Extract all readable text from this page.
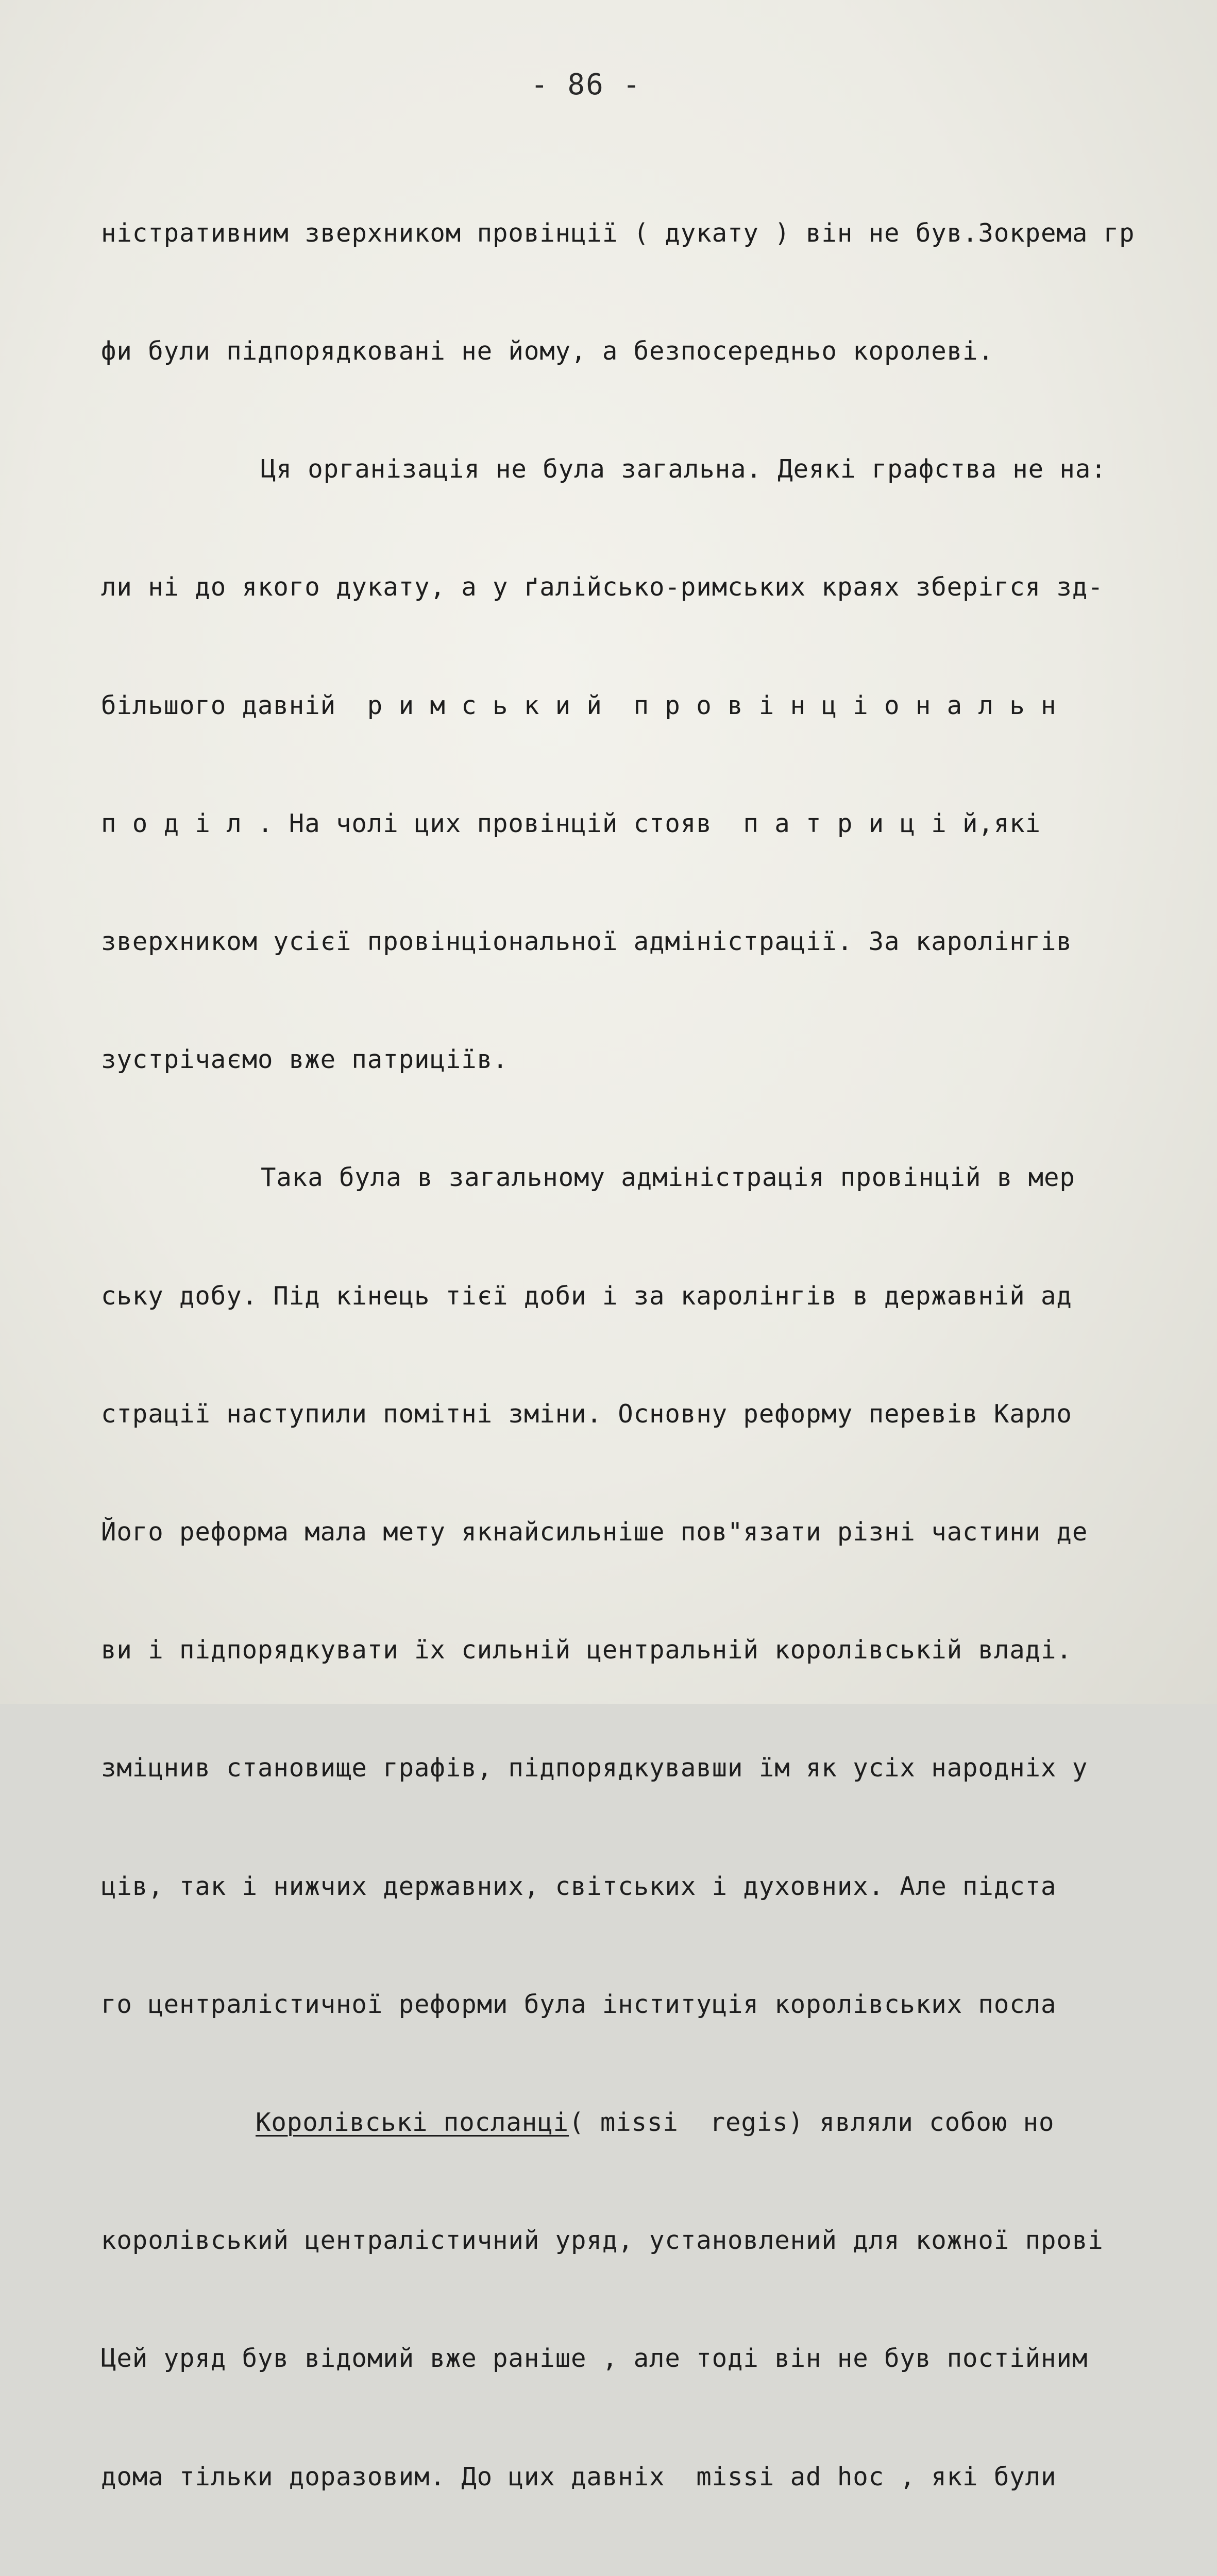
- 86 -

ністративним зверхником провінції ( дукату ) він не був.Зокрема гр

фи були підпорядковані не йому, а безпосередньо королеві.

Ця організація не була загальна. Деякі графства не на:

ли ні до якого дукату, а у ґалійсько-римських краях зберігся зд-

більшого давній  р и м с ь к и й  п р о в і н ц і о н а л ь н

п о д і л . На чолі цих провінцій стояв  п а т р и ц і й,які

зверхником усієї провінціональної адміністрації. За каролінгів

зустрічаємо вже патриціїв.

Така була в загальному адміністрація провінцій в мер

ську добу. Під кінець тієї доби і за каролінгів в державній ад

страції наступили помітні зміни. Основну реформу перевів Карло

Його реформа мала мету якнайсильніше пов"язати різні частини де

ви і підпорядкувати їх сильній центральній королівській владі.

зміцнив становище графів, підпорядкувавши їм як усіх народніх у

ців, так і нижчих державних, світських і духовних. Але підста

го централістичної реформи була інституція королівських посла

Королівські посланці( missi  regis) являли собою но

королівський централістичний уряд, установлений для кожної прові

Цей уряд був відомий вже раніше , але тоді він не був постійним

дома тільки доразовим. До цих давніх  missi ad hoc , які були
